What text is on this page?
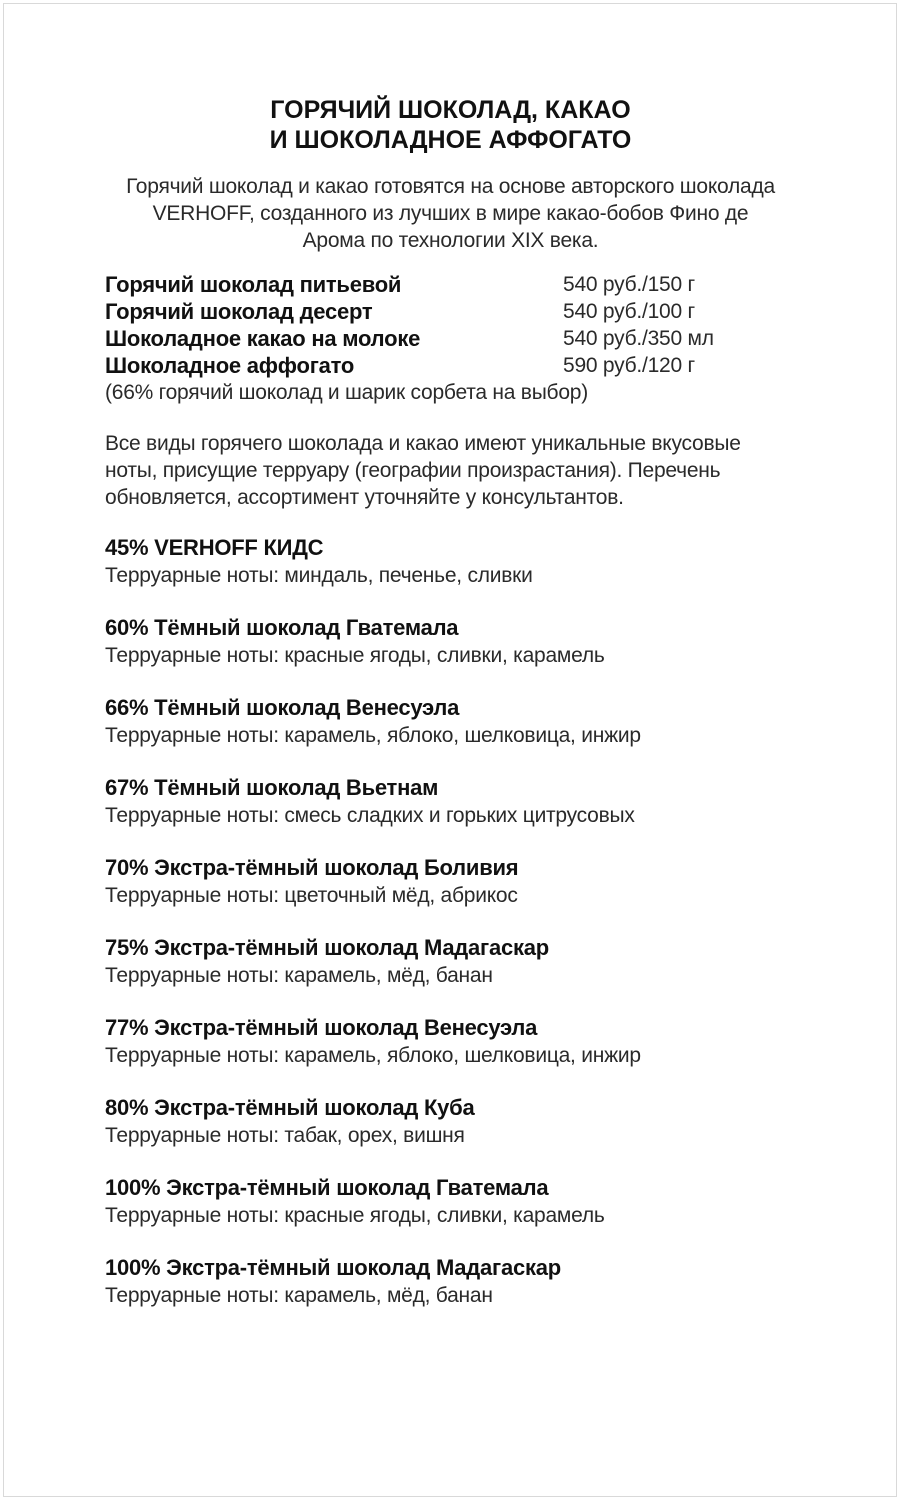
ГОРЯЧИЙ ШОКОЛАД, КАКАО
И ШОКОЛАДНОЕ АФФОГАТО

Горячий шоколад и какао готовятся на основе авторского шоколада VERHOFF, созданного из лучших в мире какао-бобов Фино де Арома по технологии XIX века.

Горячий шоколад питьевой	540 руб./150 г
Горячий шоколад десерт	540 руб./100 г
Шоколадное какао на молоке	540 руб./350 мл
Шоколадное аффогато	590 руб./120 г
(66% горячий шоколад и шарик сорбета на выбор)

Все виды горячего шоколада и какао имеют уникальные вкусовые ноты, присущие терруару (географии произрастания). Перечень обновляется, ассортимент уточняйте у консультантов.

45% VERHOFF КИДС
Терруарные ноты: миндаль, печенье, сливки
60% Тёмный шоколад Гватемала
Терруарные ноты: красные ягоды, сливки, карамель
66% Тёмный шоколад Венесуэла
Терруарные ноты: карамель, яблоко, шелковица, инжир
67% Тёмный шоколад Вьетнам
Терруарные ноты: смесь сладких и горьких цитрусовых
70% Экстра-тёмный шоколад Боливия
Терруарные ноты: цветочный мёд, абрикос
75% Экстра-тёмный шоколад Мадагаскар
Терруарные ноты: карамель, мёд, банан
77% Экстра-тёмный шоколад Венесуэла
Терруарные ноты: карамель, яблоко, шелковица, инжир
80% Экстра-тёмный шоколад Куба
Терруарные ноты: табак, орех, вишня
100% Экстра-тёмный шоколад Гватемала
Терруарные ноты: красные ягоды, сливки, карамель
100% Экстра-тёмный шоколад Мадагаскар
Терруарные ноты: карамель, мёд, банан
